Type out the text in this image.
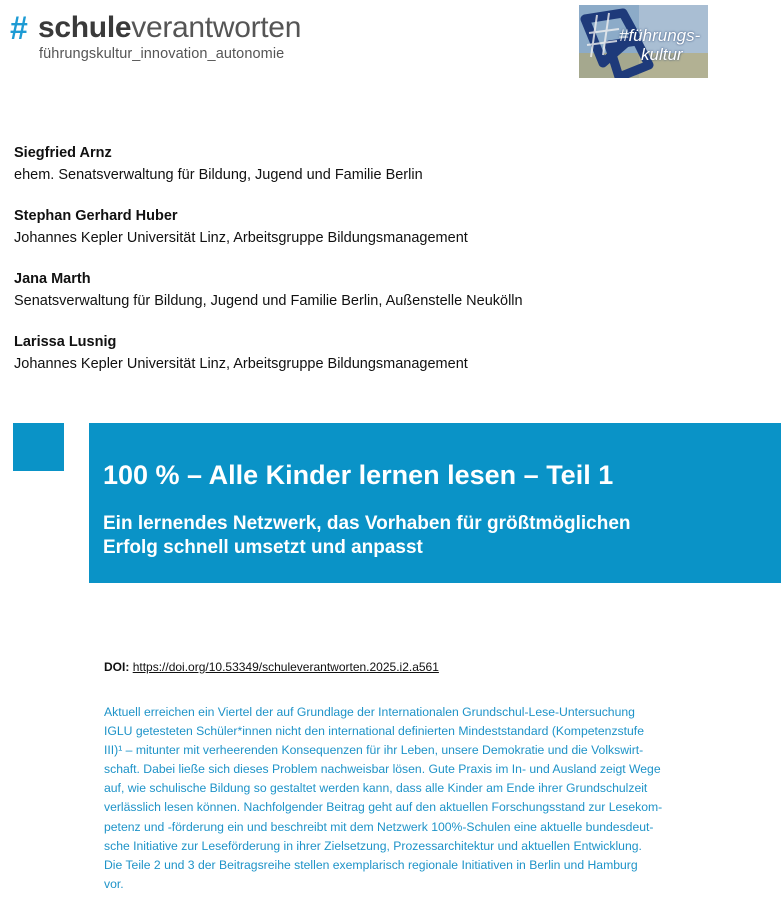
# schuleverantworten
führungskultur_innovation_autonomie
#führungs-
kultur
Siegfried Arnz
ehem. Senatsverwaltung für Bildung, Jugend und Familie Berlin
Stephan Gerhard Huber
Johannes Kepler Universität Linz, Arbeitsgruppe Bildungsmanagement
Jana Marth
Senatsverwaltung für Bildung, Jugend und Familie Berlin, Außenstelle Neukölln
Larissa Lusnig
Johannes Kepler Universität Linz, Arbeitsgruppe Bildungsmanagement
100 % – Alle Kinder lernen lesen – Teil 1
Ein lernendes Netzwerk, das Vorhaben für größtmöglichen
Erfolg schnell umsetzt und anpasst
DOI: https://doi.org/10.53349/schuleverantworten.2025.i2.a561
Aktuell erreichen ein Viertel der auf Grundlage der Internationalen Grundschul-Lese-Untersuchung
IGLU getesteten Schüler*innen nicht den international definierten Mindeststandard (Kompetenzstufe
III)¹ – mitunter mit verheerenden Konsequenzen für ihr Leben, unsere Demokratie und die Volkswirt-
schaft. Dabei ließe sich dieses Problem nachweisbar lösen. Gute Praxis im In- und Ausland zeigt Wege
auf, wie schulische Bildung so gestaltet werden kann, dass alle Kinder am Ende ihrer Grundschulzeit
verlässlich lesen können. Nachfolgender Beitrag geht auf den aktuellen Forschungsstand zur Lesekom-
petenz und -förderung ein und beschreibt mit dem Netzwerk 100%-Schulen eine aktuelle bundesdeut-
sche Initiative zur Leseförderung in ihrer Zielsetzung, Prozessarchitektur und aktuellen Entwicklung.
Die Teile 2 und 3 der Beitragsreihe stellen exemplarisch regionale Initiativen in Berlin und Hamburg
vor.
